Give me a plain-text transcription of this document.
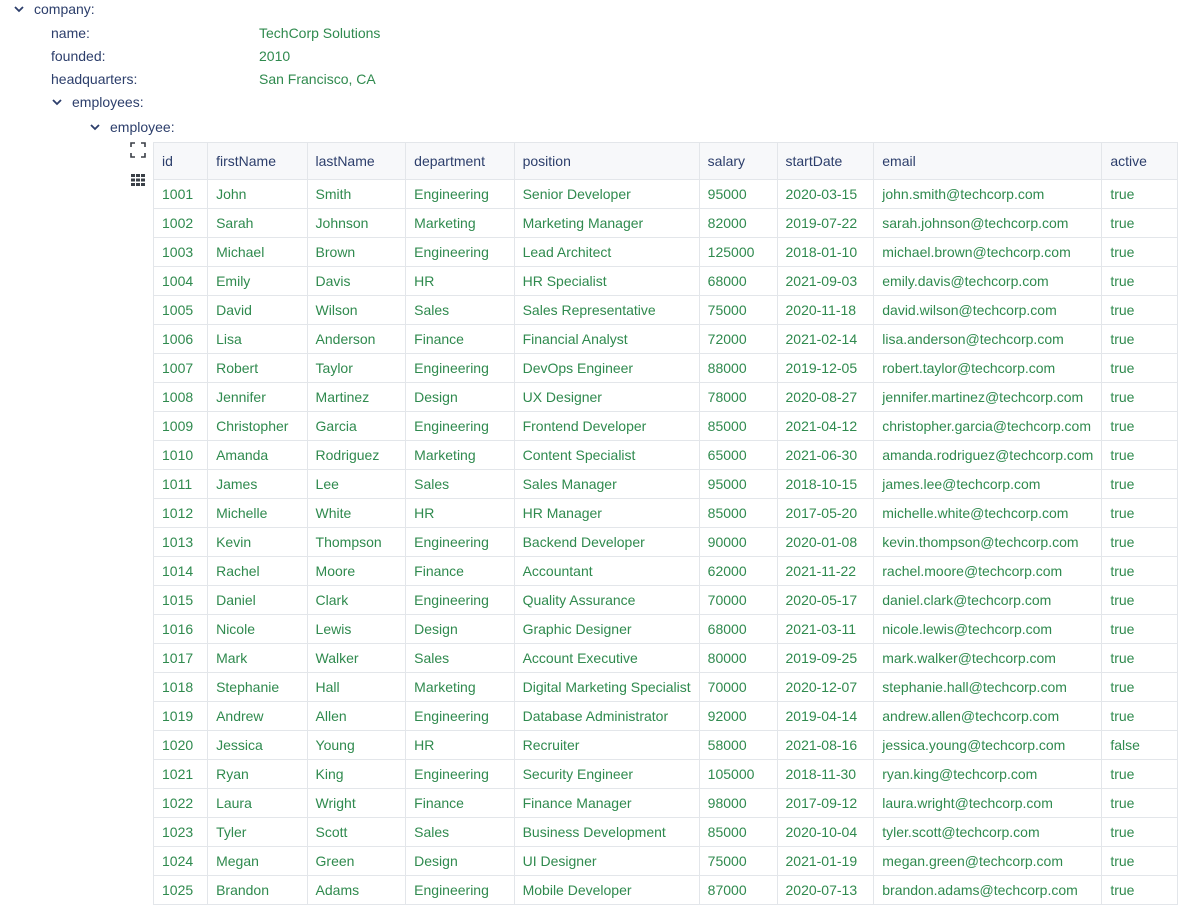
company:
name:	TechCorp Solutions
founded:	2010
headquarters:	San Francisco, CA
employees:
employee:
id	firstName	lastName	department	position	salary	startDate	email	active
1001	John	Smith	Engineering	Senior Developer	95000	2020-03-15	john.smith@techcorp.com	true
1002	Sarah	Johnson	Marketing	Marketing Manager	82000	2019-07-22	sarah.johnson@techcorp.com	true
1003	Michael	Brown	Engineering	Lead Architect	125000	2018-01-10	michael.brown@techcorp.com	true
1004	Emily	Davis	HR	HR Specialist	68000	2021-09-03	emily.davis@techcorp.com	true
1005	David	Wilson	Sales	Sales Representative	75000	2020-11-18	david.wilson@techcorp.com	true
1006	Lisa	Anderson	Finance	Financial Analyst	72000	2021-02-14	lisa.anderson@techcorp.com	true
1007	Robert	Taylor	Engineering	DevOps Engineer	88000	2019-12-05	robert.taylor@techcorp.com	true
1008	Jennifer	Martinez	Design	UX Designer	78000	2020-08-27	jennifer.martinez@techcorp.com	true
1009	Christopher	Garcia	Engineering	Frontend Developer	85000	2021-04-12	christopher.garcia@techcorp.com	true
1010	Amanda	Rodriguez	Marketing	Content Specialist	65000	2021-06-30	amanda.rodriguez@techcorp.com	true
1011	James	Lee	Sales	Sales Manager	95000	2018-10-15	james.lee@techcorp.com	true
1012	Michelle	White	HR	HR Manager	85000	2017-05-20	michelle.white@techcorp.com	true
1013	Kevin	Thompson	Engineering	Backend Developer	90000	2020-01-08	kevin.thompson@techcorp.com	true
1014	Rachel	Moore	Finance	Accountant	62000	2021-11-22	rachel.moore@techcorp.com	true
1015	Daniel	Clark	Engineering	Quality Assurance	70000	2020-05-17	daniel.clark@techcorp.com	true
1016	Nicole	Lewis	Design	Graphic Designer	68000	2021-03-11	nicole.lewis@techcorp.com	true
1017	Mark	Walker	Sales	Account Executive	80000	2019-09-25	mark.walker@techcorp.com	true
1018	Stephanie	Hall	Marketing	Digital Marketing Specialist	70000	2020-12-07	stephanie.hall@techcorp.com	true
1019	Andrew	Allen	Engineering	Database Administrator	92000	2019-04-14	andrew.allen@techcorp.com	true
1020	Jessica	Young	HR	Recruiter	58000	2021-08-16	jessica.young@techcorp.com	false
1021	Ryan	King	Engineering	Security Engineer	105000	2018-11-30	ryan.king@techcorp.com	true
1022	Laura	Wright	Finance	Finance Manager	98000	2017-09-12	laura.wright@techcorp.com	true
1023	Tyler	Scott	Sales	Business Development	85000	2020-10-04	tyler.scott@techcorp.com	true
1024	Megan	Green	Design	UI Designer	75000	2021-01-19	megan.green@techcorp.com	true
1025	Brandon	Adams	Engineering	Mobile Developer	87000	2020-07-13	brandon.adams@techcorp.com	true
